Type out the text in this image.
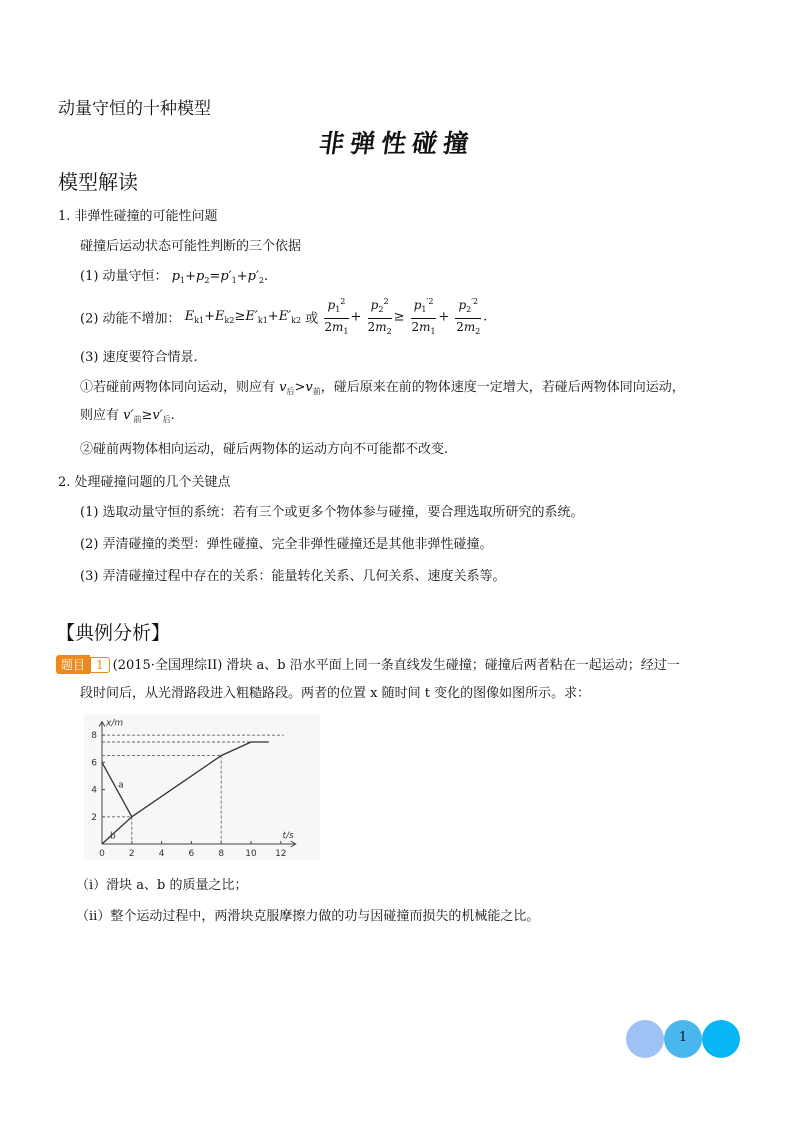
动量守恒的十种模型
非弹性碰撞
模型解读
1. 非弹性碰撞的可能性问题
碰撞后运动状态可能性判断的三个依据
(1) 动量守恒： $p_1+p_2=p'_1+p'_2$.
(2) 动能不增加： $E_{k1}+E_{k2}\ge E'_{k1}+E'_{k2}$ 或 $\frac{p_1^2}{2m_1} + \frac{p_2^2}{2m_2} \ge \frac{p_1^{'2}}{2m_1} + \frac{p_2^{'2}}{2m_2}$ .
(3) 速度要符合情景.
①若碰前两物体同向运动，则应有 $v_后>v_前$，碰后原来在前的物体速度一定增大，若碰后两物体同向运动，
则应有 $v'_前\ge v'_后$.
②碰前两物体相向运动，碰后两物体的运动方向不可能都不改变.
2. 处理碰撞问题的几个关键点
(1) 选取动量守恒的系统：若有三个或更多个物体参与碰撞，要合理选取所研究的系统。
(2) 弄清碰撞的类型：弹性碰撞、完全非弹性碰撞还是其他非弹性碰撞。
(3) 弄清碰撞过程中存在的关系：能量转化关系、几何关系、速度关系等。
【典例分析】
题目 1 (2015·全国理综II) 滑块 a、b 沿水平面上同一条直线发生碰撞；碰撞后两者粘在一起运动；经过一
段时间后，从光滑路段进入粗糙路段。两者的位置 x 随时间 t 变化的图像如图所示。求：
0	2	4	6	8 10 12
2
4
6
8
x/m
t/s
a
b
（i）滑块 a、b 的质量之比；
（ii）整个运动过程中，两滑块克服摩擦力做的功与因碰撞而损失的机械能之比。
1
